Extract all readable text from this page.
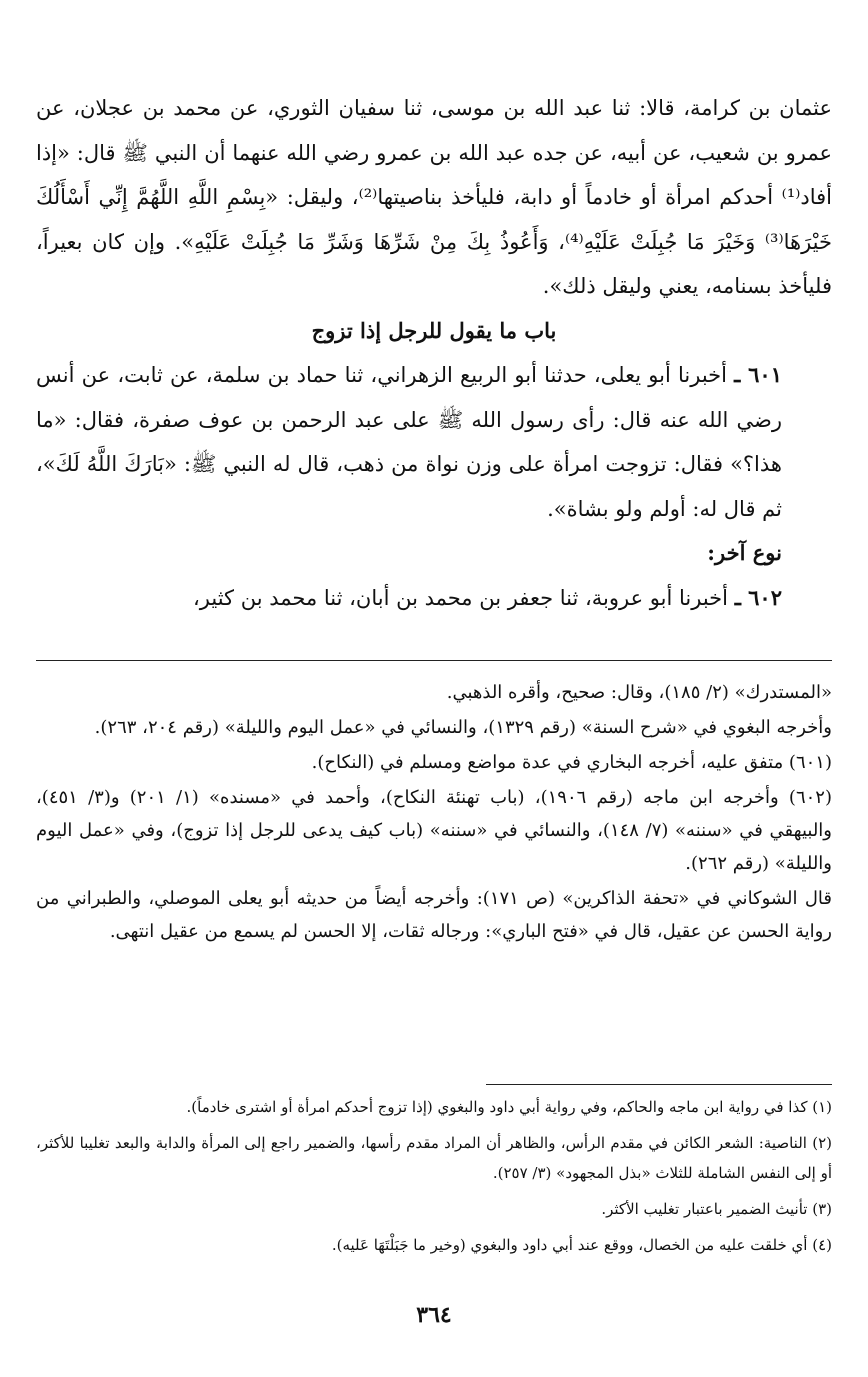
عثمان بن كرامة، قالا: ثنا عبد الله بن موسى، ثنا سفيان الثوري، عن محمد بن عجلان، عن عمرو بن شعيب، عن أبيه، عن جده عبد الله بن عمرو رضي الله عنهما أن النبي ﷺ قال: «إذا أفاد⁽¹⁾ أحدكم امرأة أو خادماً أو دابة، فليأخذ بناصيتها⁽²⁾، وليقل: «بِسْمِ اللَّهِ اللَّهُمَّ إِنِّي أَسْأَلُكَ خَيْرَهَا⁽³⁾ وَخَيْرَ مَا جُبِلَتْ عَلَيْهِ⁽⁴⁾، وَأَعُوذُ بِكَ مِنْ شَرِّهَا وَشَرِّ مَا جُبِلَتْ عَلَيْهِ». وإن كان بعيراً، فليأخذ بسنامه، يعني وليقل ذلك».

باب ما يقول للرجل إذا تزوج

٦٠١ ـ أخبرنا أبو يعلى، حدثنا أبو الربيع الزهراني، ثنا حماد بن سلمة، عن ثابت، عن أنس رضي الله عنه قال: رأى رسول الله ﷺ على عبد الرحمن بن عوف صفرة، فقال: «ما هذا؟» فقال: تزوجت امرأة على وزن نواة من ذهب، قال له النبي ﷺ: «بَارَكَ اللَّهُ لَكَ»، ثم قال له: أولم ولو بشاة».

نوع آخر:

٦٠٢ ـ أخبرنا أبو عروبة، ثنا جعفر بن محمد بن أبان، ثنا محمد بن كثير،

«المستدرك» (٢/ ١٨٥)، وقال: صحيح، وأقره الذهبي.

وأخرجه البغوي في «شرح السنة» (رقم ١٣٢٩)، والنسائي في «عمل اليوم والليلة» (رقم ٢٠٤، ٢٦٣).

(٦٠١) متفق عليه، أخرجه البخاري في عدة مواضع ومسلم في (النكاح).

(٦٠٢) وأخرجه ابن ماجه (رقم ١٩٠٦)، (باب تهنئة النكاح)، وأحمد في «مسنده» (١/ ٢٠١) و(٣/ ٤٥١)، والبيهقي في «سننه» (٧/ ١٤٨)، والنسائي في «سننه» (باب كيف يدعى للرجل إذا تزوج)، وفي «عمل اليوم والليلة» (رقم ٢٦٢).

قال الشوكاني في «تحفة الذاكرين» (ص ١٧١): وأخرجه أيضاً من حديثه أبو يعلى الموصلي، والطبراني من رواية الحسن عن عقيل، قال في «فتح الباري»: ورجاله ثقات، إلا الحسن لم يسمع من عقيل انتهى.

(١) كذا في رواية ابن ماجه والحاكم، وفي رواية أبي داود والبغوي (إذا تزوج أحدكم امرأة أو اشترى خادماً).

(٢) الناصية: الشعر الكائن في مقدم الرأس، والظاهر أن المراد مقدم رأسها، والضمير راجع إلى المرأة والدابة والبعد تغليبا للأكثر، أو إلى النفس الشاملة للثلاث «بذل المجهود» (٣/ ٢٥٧).

(٣) تأنيث الضمير باعتبار تغليب الأكثر.

(٤) أي خلقت عليه من الخصال، ووقع عند أبي داود والبغوي (وخير ما جَبَلْتَهَا عَليه).

٣٦٤
